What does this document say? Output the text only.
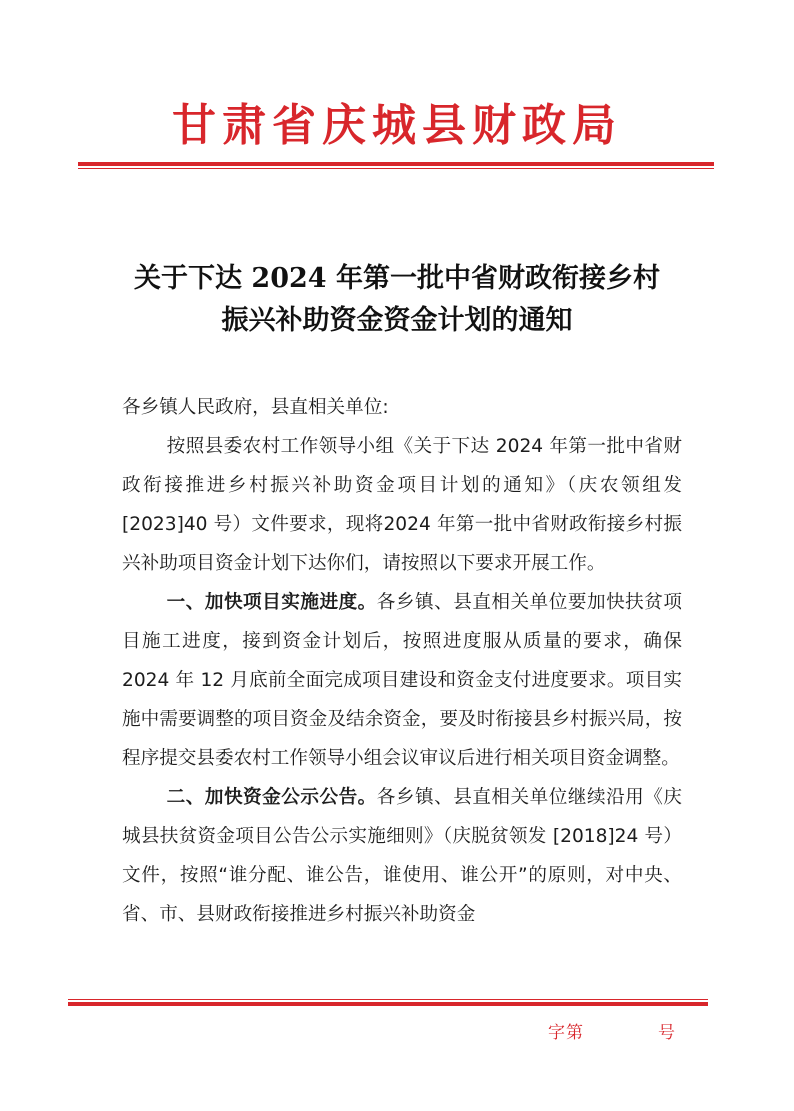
甘肃省庆城县财政局
关于下达 2024 年第一批中省财政衔接乡村
振兴补助资金资金计划的通知

各乡镇人民政府，县直相关单位:

按照县委农村工作领导小组《关于下达 2024 年第一批中省财政衔接推进乡村振兴补助资金项目计划的通知》（庆农领组发 [2023]40 号）文件要求，现将2024 年第一批中省财政衔接乡村振兴补助项目资金计划下达你们，请按照以下要求开展工作。

一、加快项目实施进度。各乡镇、县直相关单位要加快扶贫项目施工进度，接到资金计划后，按照进度服从质量的要求，确保 2024 年 12 月底前全面完成项目建设和资金支付进度要求。项目实施中需要调整的项目资金及结余资金，要及时衔接县乡村振兴局，按程序提交县委农村工作领导小组会议审议后进行相关项目资金调整。

二、加快资金公示公告。各乡镇、县直相关单位继续沿用《庆城县扶贫资金项目公告公示实施细则》（庆脱贫领发 [2018]24 号）文件，按照“谁分配、谁公告，谁使用、谁公开”的原则，对中央、省、市、县财政衔接推进乡村振兴补助资金

字第	号
